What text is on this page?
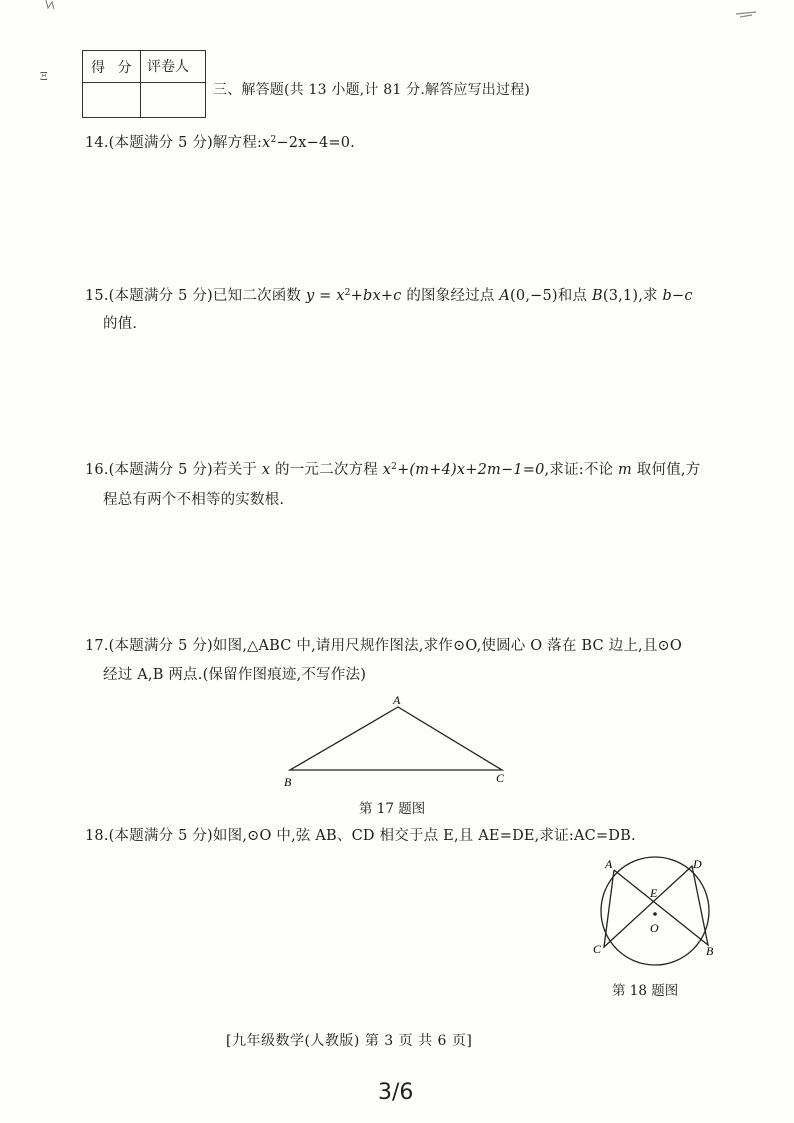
Ξ
得 分 评卷人
三、解答题(共 13 小题,计 81 分.解答应写出过程)
14.(本题满分 5 分)解方程$:x^2-2x-4=0$.
15.(本题满分 5 分)已知二次函数 $y = x^2+bx+c$ 的图象经过点 A(0,−5)和点 B(3,1),求 b−c
的值.
16.(本题满分 5 分)若关于 x 的一元二次方程 $x^2+(m+4)x+2m-1=0$,求证:不论 m 取何值,方
程总有两个不相等的实数根.
17.(本题满分 5 分)如图,△ABC 中,请用尺规作图法,求作⊙O,使圆心 O 落在 BC 边上,且⊙O
经过 A,B 两点.(保留作图痕迹,不写作法)
A
B	C
第 17 题图
18.(本题满分 5 分)如图,⊙O 中,弦 AB、CD 相交于点 E,且 AE=DE,求证:AC=DB.
A	D
E
O
C	B
第 18 题图
[九年级数学(人教版) 第 3 页 共 6 页]
3/6
